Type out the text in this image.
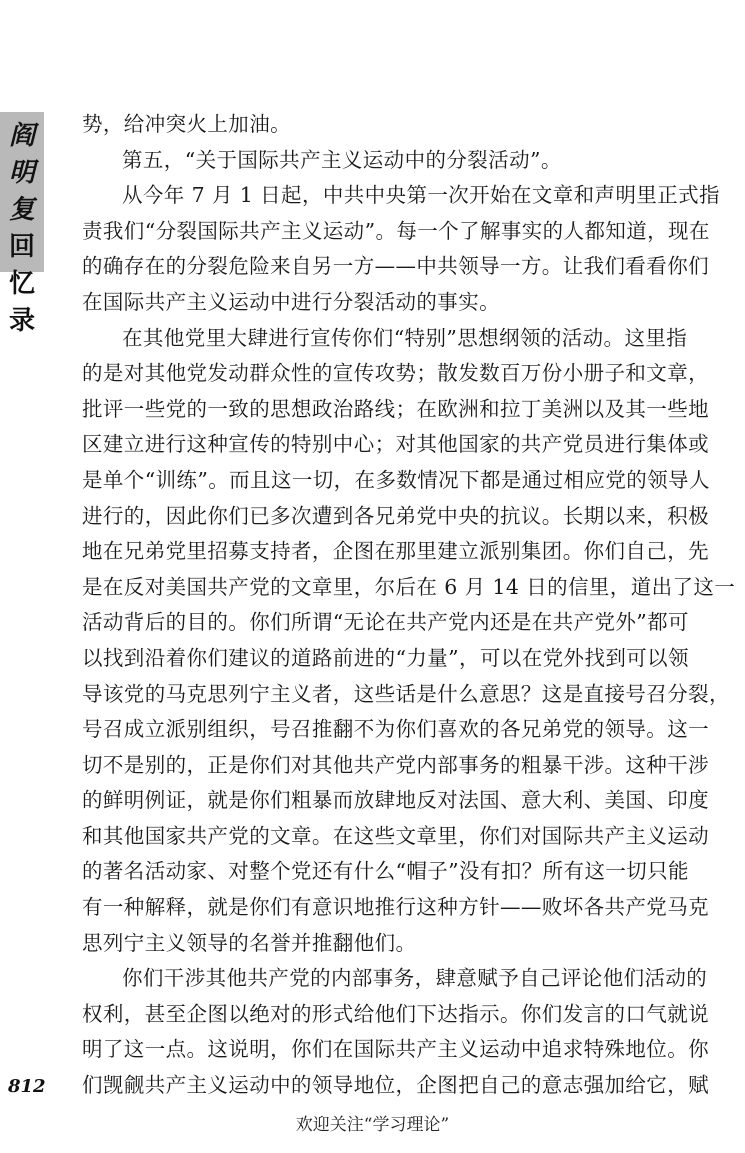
阎
明
复
回
忆
录
势，给冲突火上加油。
第五，“关于国际共产主义运动中的分裂活动”。
从今年 7 月 1 日起，中共中央第一次开始在文章和声明里正式指
责我们“分裂国际共产主义运动”。每一个了解事实的人都知道，现在
的确存在的分裂危险来自另一方——中共领导一方。让我们看看你们
在国际共产主义运动中进行分裂活动的事实。
在其他党里大肆进行宣传你们“特别”思想纲领的活动。这里指
的是对其他党发动群众性的宣传攻势；散发数百万份小册子和文章，
批评一些党的一致的思想政治路线；在欧洲和拉丁美洲以及其一些地
区建立进行这种宣传的特别中心；对其他国家的共产党员进行集体或
是单个“训练”。而且这一切，在多数情况下都是通过相应党的领导人
进行的，因此你们已多次遭到各兄弟党中央的抗议。长期以来，积极
地在兄弟党里招募支持者，企图在那里建立派别集团。你们自己，先
是在反对美国共产党的文章里，尔后在 6 月 14 日的信里，道出了这一
活动背后的目的。你们所谓“无论在共产党内还是在共产党外”都可
以找到沿着你们建议的道路前进的“力量”，可以在党外找到可以领
导该党的马克思列宁主义者，这些话是什么意思？这是直接号召分裂，
号召成立派别组织，号召推翻不为你们喜欢的各兄弟党的领导。这一
切不是别的，正是你们对其他共产党内部事务的粗暴干涉。这种干涉
的鲜明例证，就是你们粗暴而放肆地反对法国、意大利、美国、印度
和其他国家共产党的文章。在这些文章里，你们对国际共产主义运动
的著名活动家、对整个党还有什么“帽子”没有扣？所有这一切只能
有一种解释，就是你们有意识地推行这种方针——败坏各共产党马克
思列宁主义领导的名誉并推翻他们。
你们干涉其他共产党的内部事务，肆意赋予自己评论他们活动的
权利，甚至企图以绝对的形式给他们下达指示。你们发言的口气就说
明了这一点。这说明，你们在国际共产主义运动中追求特殊地位。你
们觊觎共产主义运动中的领导地位，企图把自己的意志强加给它，赋
812
欢迎关注“学习理论”
